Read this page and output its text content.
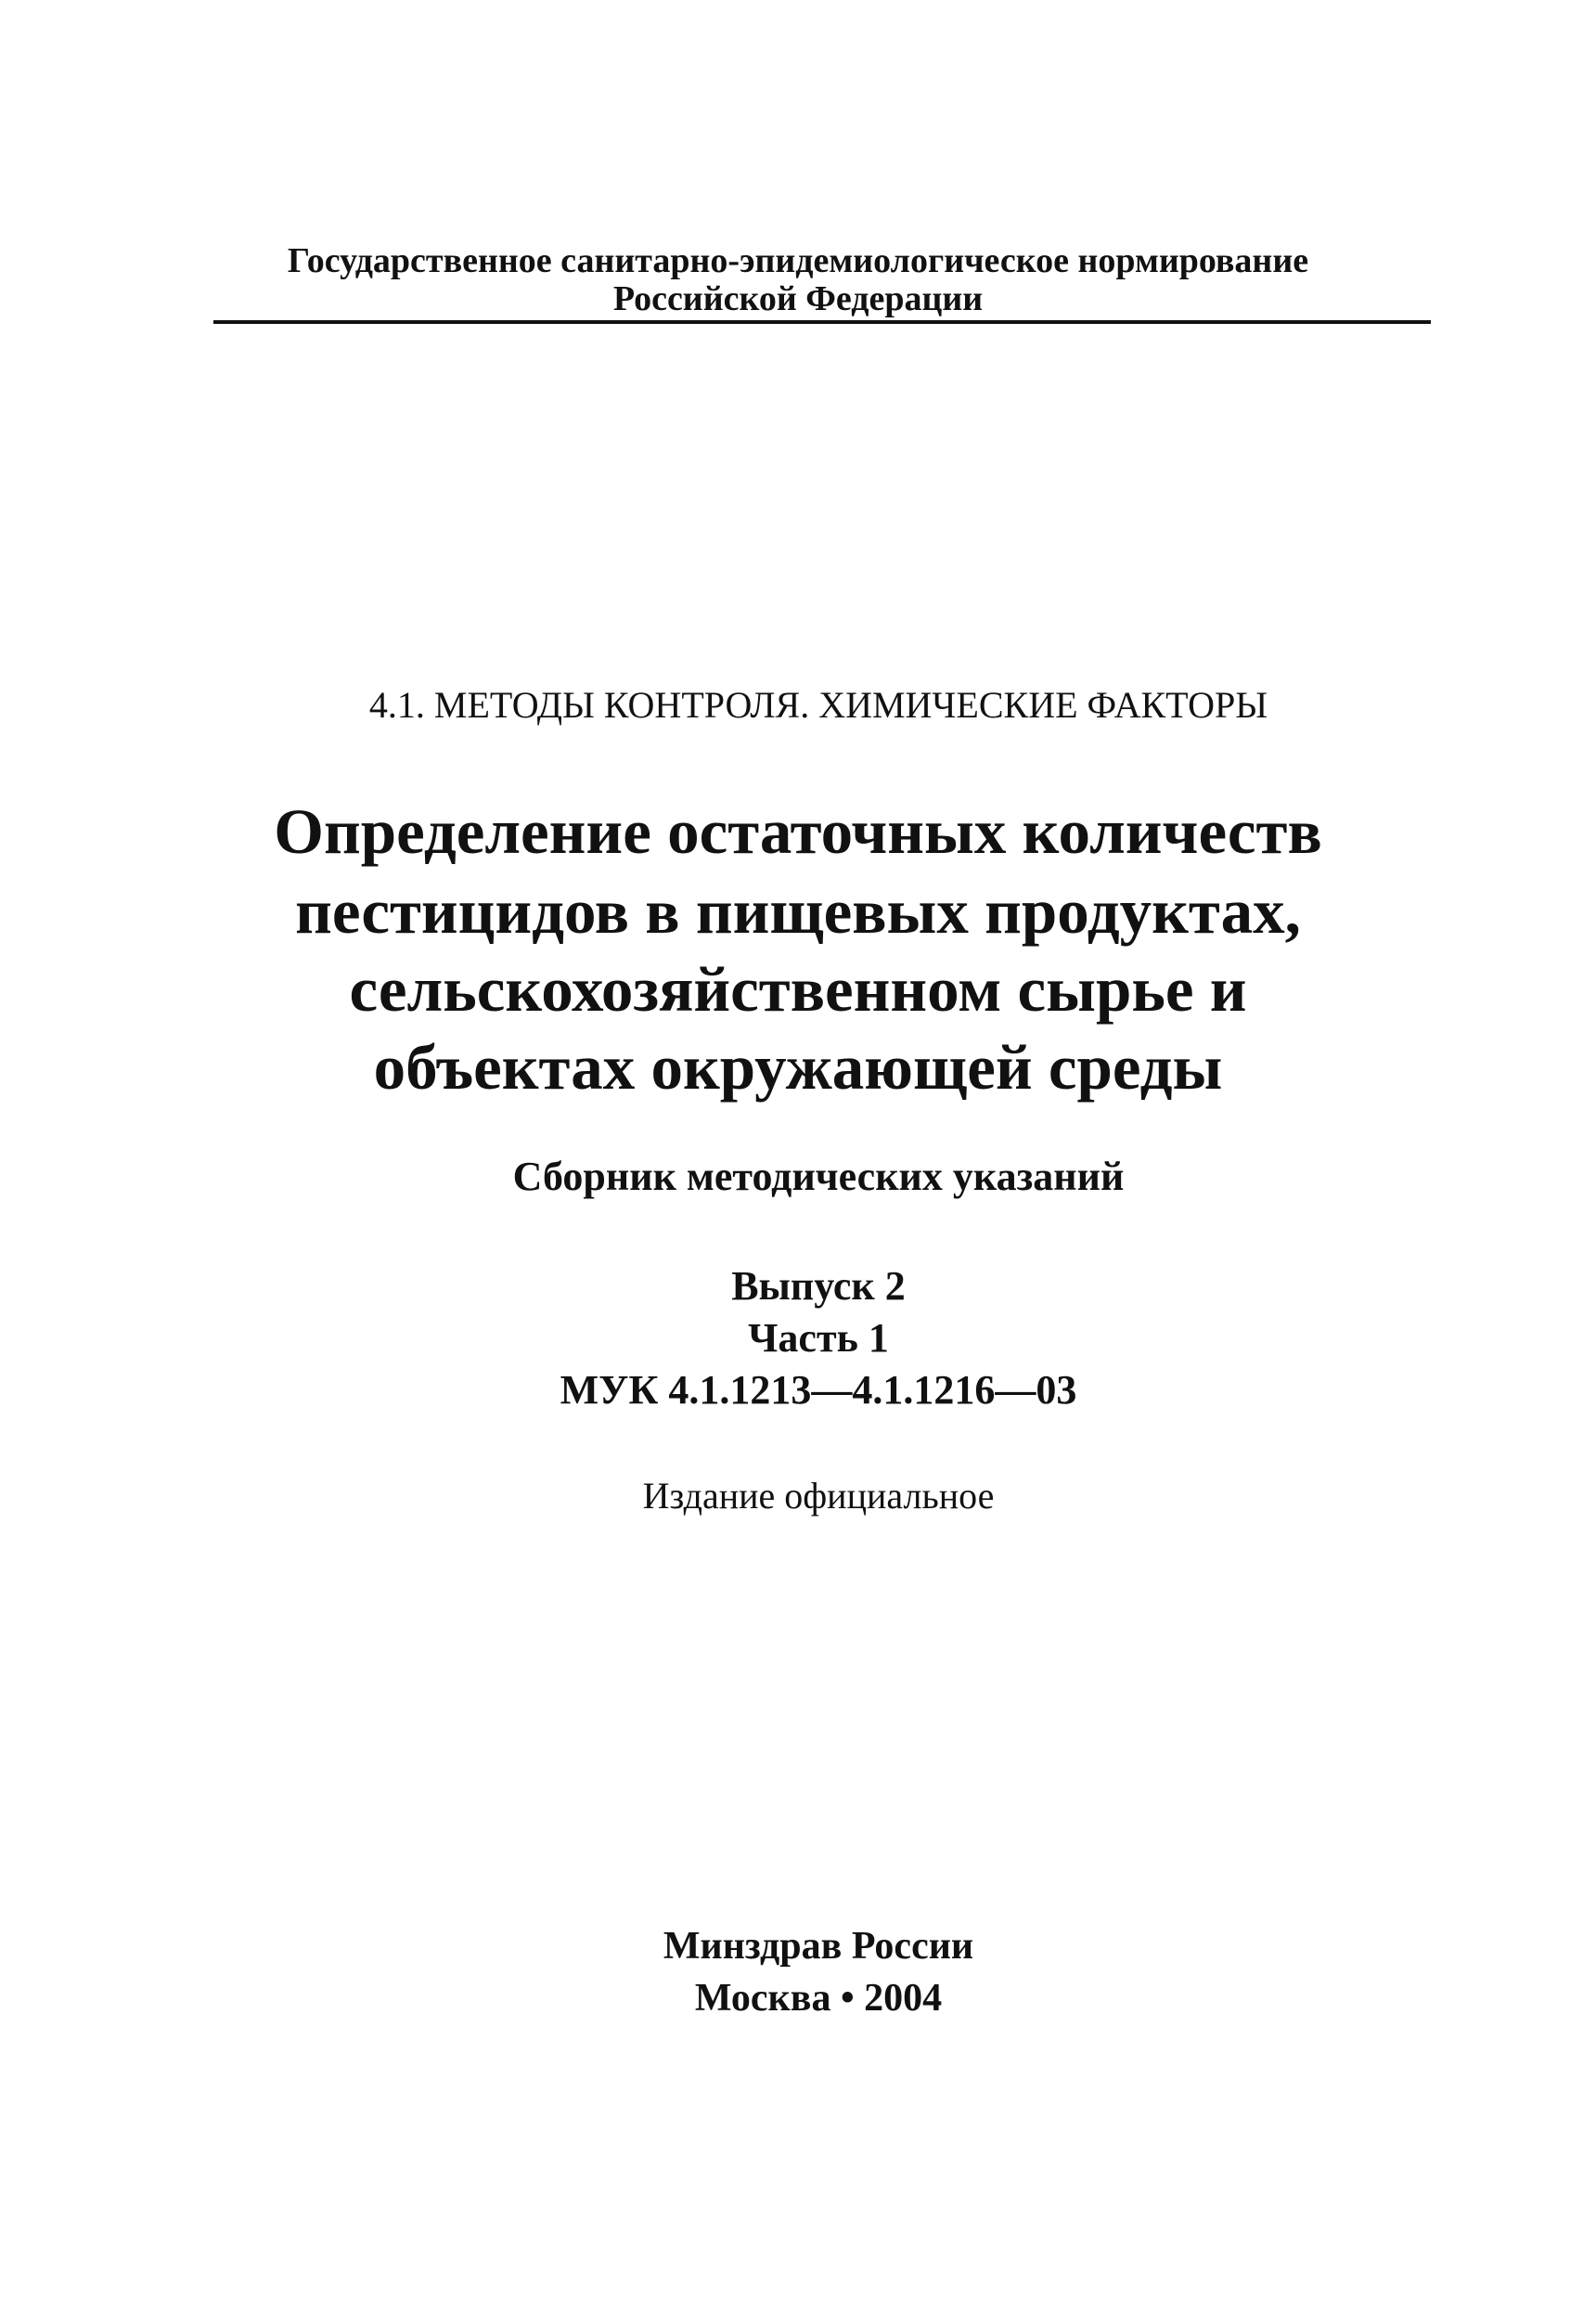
Государственное санитарно-эпидемиологическое нормирование
Российской Федерации
4.1. МЕТОДЫ КОНТРОЛЯ. ХИМИЧЕСКИЕ ФАКТОРЫ
Определение остаточных количеств
пестицидов в пищевых продуктах,
сельскохозяйственном сырье и
объектах окружающей среды
Сборник методических указаний
Выпуск 2
Часть 1
МУК 4.1.1213—4.1.1216—03
Издание официальное
Минздрав России
Москва • 2004
